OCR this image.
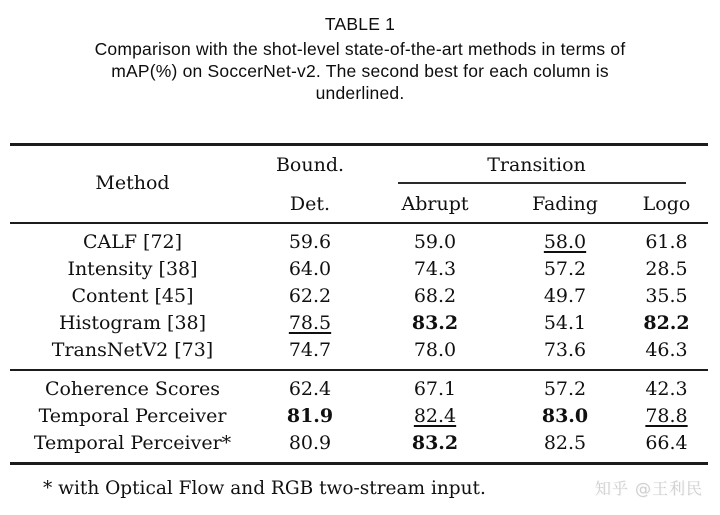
TABLE 1
Comparison with the shot-level state-of-the-art methods in terms of
mAP(%) on SoccerNet-v2. The second best for each column is
underlined.
Method
Bound.
Det.
Transition
Abrupt	Fading	Logo
CALF [72]	59.6	59.0	58.0	61.8
Intensity [38]	64.0	74.3	57.2	28.5
Content [45]	62.2	68.2	49.7	35.5
Histogram [38]	78.5	83.2	54.1	82.2
TransNetV2 [73]	74.7	78.0	73.6	46.3
Coherence Scores	62.4	67.1	57.2	42.3
Temporal Perceiver	81.9	82.4	83.0	78.8
Temporal Perceiver*	80.9	83.2	82.5	66.4
* with Optical Flow and RGB two-stream input.	知乎 @王利民
